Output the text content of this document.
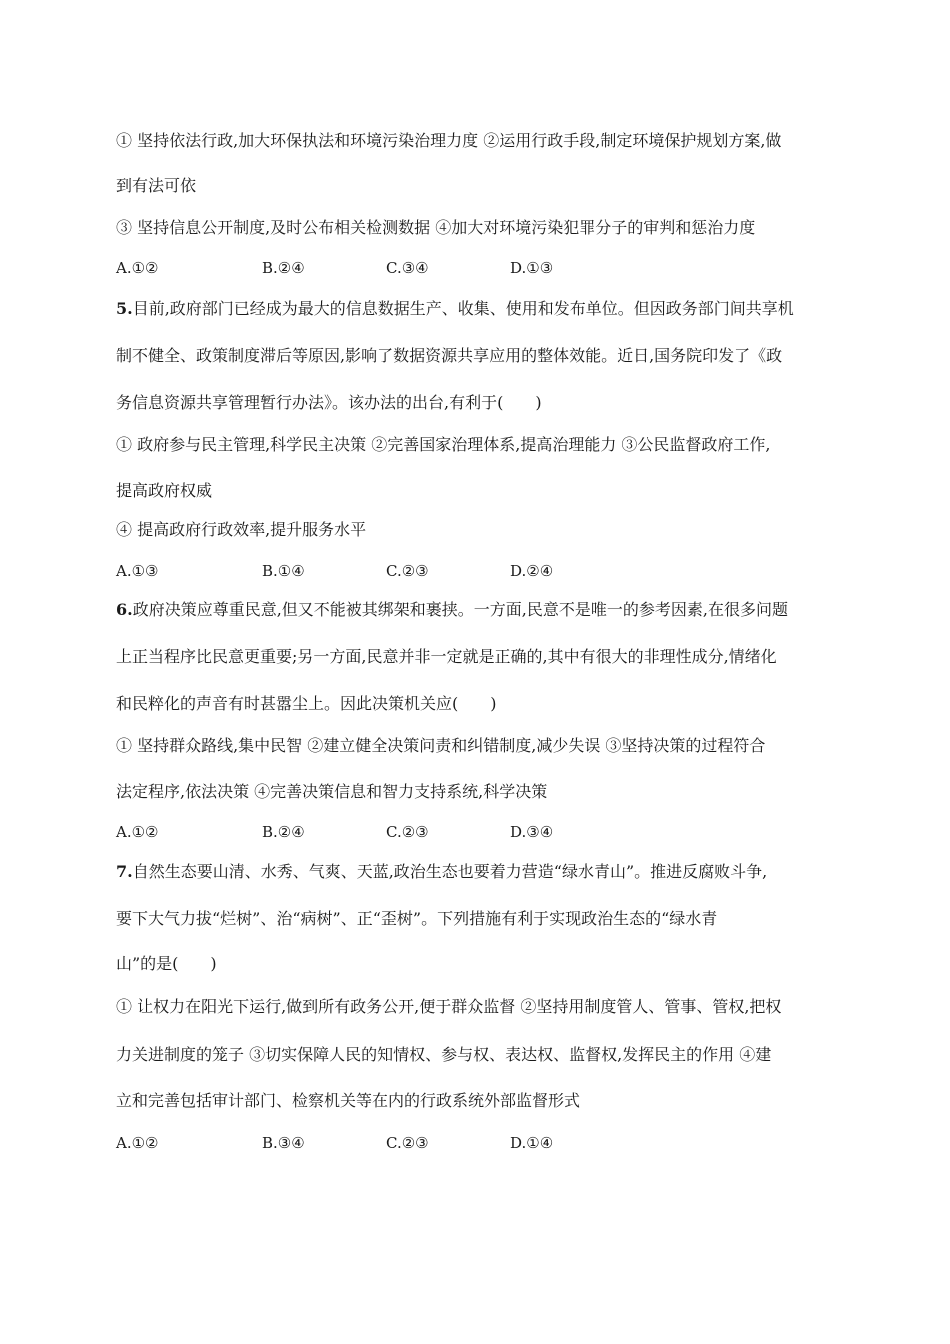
① 坚持依法行政,加大环保执法和环境污染治理力度 ②运用行政手段,制定环境保护规划方案,做
到有法可依
③ 坚持信息公开制度,及时公布相关检测数据 ④加大对环境污染犯罪分子的审判和惩治力度
A.①②	B.②④	C.③④	D.①③
5.目前,政府部门已经成为最大的信息数据生产、收集、使用和发布单位。但因政务部门间共享机
制不健全、政策制度滞后等原因,影响了数据资源共享应用的整体效能。近日,国务院印发了《政
务信息资源共享管理暂行办法》。该办法的出台,有利于(　　)
① 政府参与民主管理,科学民主决策 ②完善国家治理体系,提高治理能力 ③公民监督政府工作,
提高政府权威
④ 提高政府行政效率,提升服务水平
A.①③	B.①④	C.②③	D.②④
6.政府决策应尊重民意,但又不能被其绑架和裹挟。一方面,民意不是唯一的参考因素,在很多问题
上正当程序比民意更重要;另一方面,民意并非一定就是正确的,其中有很大的非理性成分,情绪化
和民粹化的声音有时甚嚣尘上。因此决策机关应(　　)
① 坚持群众路线,集中民智 ②建立健全决策问责和纠错制度,减少失误 ③坚持决策的过程符合
法定程序,依法决策 ④完善决策信息和智力支持系统,科学决策
A.①②	B.②④	C.②③	D.③④
7.自然生态要山清、水秀、气爽、天蓝,政治生态也要着力营造“绿水青山”。推进反腐败斗争,
要下大气力拔“烂树”、治“病树”、正“歪树”。下列措施有利于实现政治生态的“绿水青
山”的是(　　)
① 让权力在阳光下运行,做到所有政务公开,便于群众监督 ②坚持用制度管人、管事、管权,把权
力关进制度的笼子 ③切实保障人民的知情权、参与权、表达权、监督权,发挥民主的作用 ④建
立和完善包括审计部门、检察机关等在内的行政系统外部监督形式
A.①②	B.③④	C.②③	D.①④
